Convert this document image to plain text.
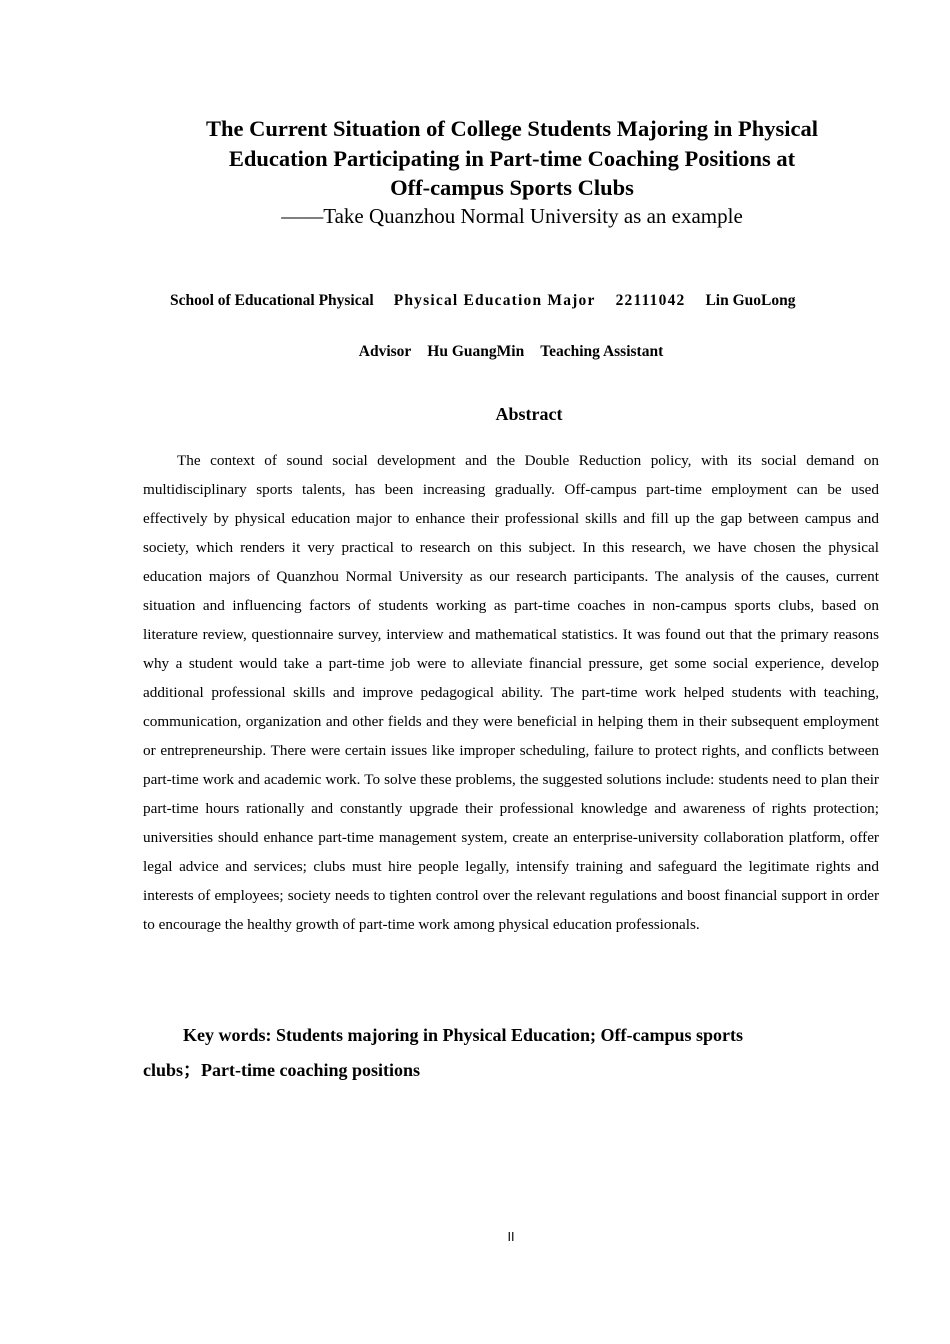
The Current Situation of College Students Majoring in Physical
Education Participating in Part-time Coaching Positions at
Off-campus Sports Clubs
——Take Quanzhou Normal University as an example
School of Educational Physical Physical Education Major 22111042 Lin GuoLong
Advisor Hu GuangMin Teaching Assistant
Abstract

The context of sound social development and the Double Reduction policy, with its social demand on multidisciplinary sports talents, has been increasing gradually. Off-campus part-time employment can be used effectively by physical education major to enhance their professional skills and fill up the gap between campus and society, which renders it very practical to research on this subject. In this research, we have chosen the physical education majors of Quanzhou Normal University as our research participants. The analysis of the causes, current situation and influencing factors of students working as part-time coaches in non-campus sports clubs, based on literature review, questionnaire survey, interview and mathematical statistics. It was found out that the primary reasons why a student would take a part-time job were to alleviate financial pressure, get some social experience, develop additional professional skills and improve pedagogical ability. The part-time work helped students with teaching, communication, organization and other fields and they were beneficial in helping them in their subsequent employment or entrepreneurship. There were certain issues like improper scheduling, failure to protect rights, and conflicts between part-time work and academic work. To solve these problems, the suggested solutions include: students need to plan their part-time hours rationally and constantly upgrade their professional knowledge and awareness of rights protection; universities should enhance part-time management system, create an enterprise-university collaboration platform, offer legal advice and services; clubs must hire people legally, intensify training and safeguard the legitimate rights and interests of employees; society needs to tighten control over the relevant regulations and boost financial support in order to encourage the healthy growth of part-time work among physical education professionals.

Key words: Students majoring in Physical Education; Off-campus sports
clubs；Part-time coaching positions
II
